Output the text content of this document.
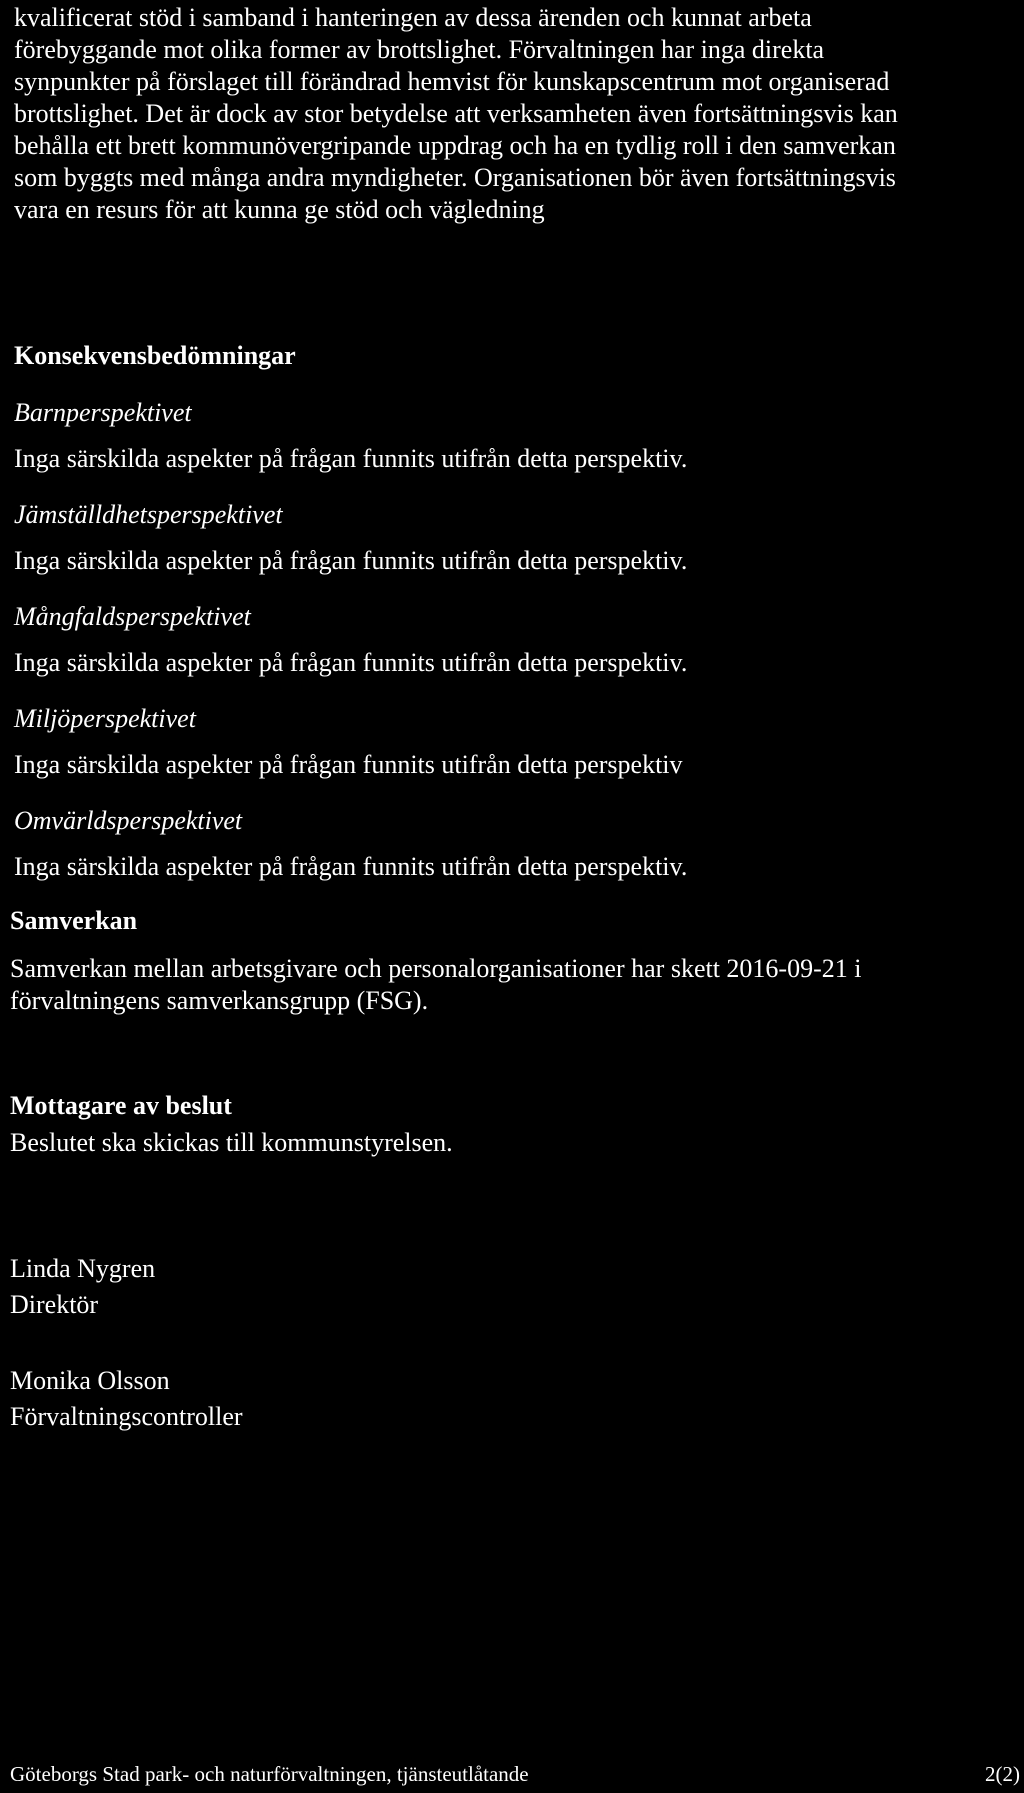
kvalificerat stöd i samband i hanteringen av dessa ärenden och kunnat arbeta

förebyggande mot olika former av brottslighet. Förvaltningen har inga direkta

synpunkter på förslaget till förändrad hemvist för kunskapscentrum mot organiserad

brottslighet. Det är dock av stor betydelse att verksamheten även fortsättningsvis kan

behålla ett brett kommunövergripande uppdrag och ha en tydlig roll i den samverkan

som byggts med många andra myndigheter. Organisationen bör även fortsättningsvis

vara en resurs för att kunna ge stöd och vägledning

Konsekvensbedömningar

Barnperspektivet

Inga särskilda aspekter på frågan funnits utifrån detta perspektiv.

Jämställdhetsperspektivet

Inga särskilda aspekter på frågan funnits utifrån detta perspektiv.

Mångfaldsperspektivet

Inga särskilda aspekter på frågan funnits utifrån detta perspektiv.

Miljöperspektivet

Inga särskilda aspekter på frågan funnits utifrån detta perspektiv

Omvärldsperspektivet

Inga särskilda aspekter på frågan funnits utifrån detta perspektiv.

Samverkan

Samverkan mellan arbetsgivare och personalorganisationer har skett 2016-09-21 i

förvaltningens samverkansgrupp (FSG).

Mottagare av beslut

Beslutet ska skickas till kommunstyrelsen.

Linda Nygren

Direktör

Monika Olsson

Förvaltningscontroller

Göteborgs Stad park- och naturförvaltningen, tjänsteutlåtande	2(2)
